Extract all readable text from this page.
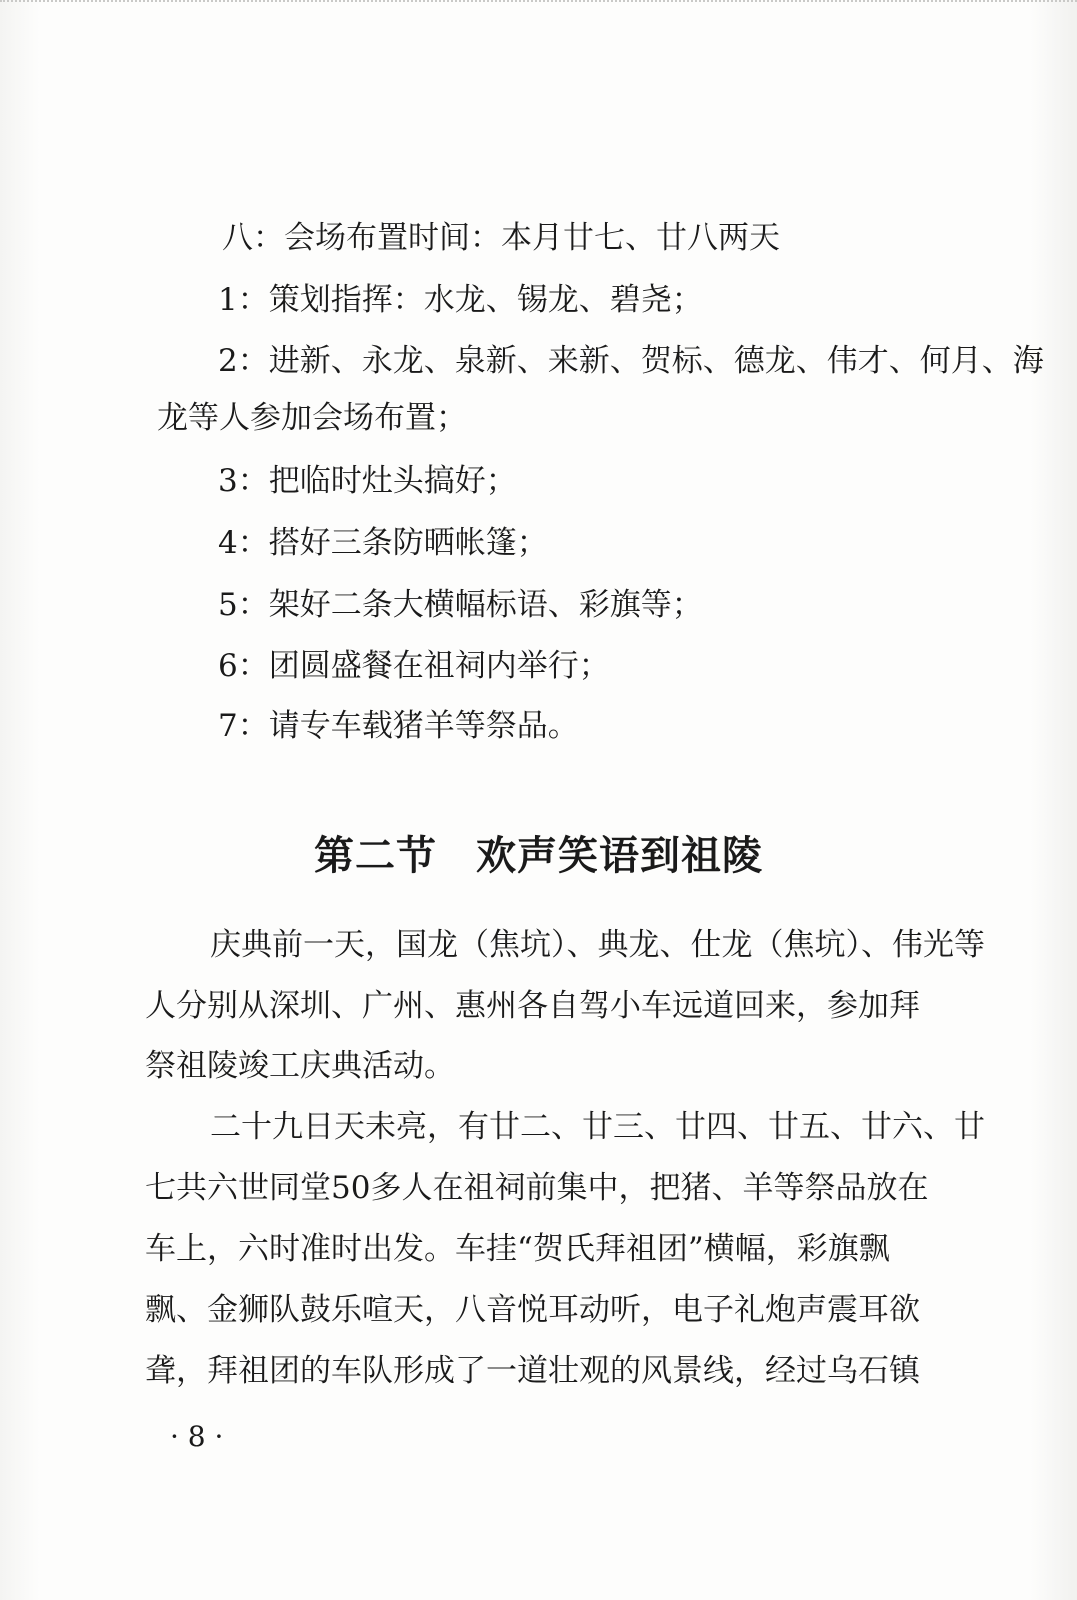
八：会场布置时间：本月廿七、廿八两天
1：策划指挥：水龙、锡龙、碧尧；
2：进新、永龙、泉新、来新、贺标、德龙、伟才、何月、海
龙等人参加会场布置；
3：把临时灶头搞好；
4：搭好三条防晒帐篷；
5：架好二条大横幅标语、彩旗等；
6：团圆盛餐在祖祠内举行；
7：请专车载猪羊等祭品。
第二节 欢声笑语到祖陵
庆典前一天，国龙（焦坑）、典龙、仕龙（焦坑）、伟光等
人分别从深圳、广州、惠州各自驾小车远道回来，参加拜
祭祖陵竣工庆典活动。
二十九日天未亮，有廿二、廿三、廿四、廿五、廿六、廿
七共六世同堂50多人在祖祠前集中，把猪、羊等祭品放在
车上，六时准时出发。车挂“贺氏拜祖团”横幅，彩旗飘
飘、金狮队鼓乐喧天，八音悦耳动听，电子礼炮声震耳欲
聋，拜祖团的车队形成了一道壮观的风景线，经过乌石镇
· 8 ·
